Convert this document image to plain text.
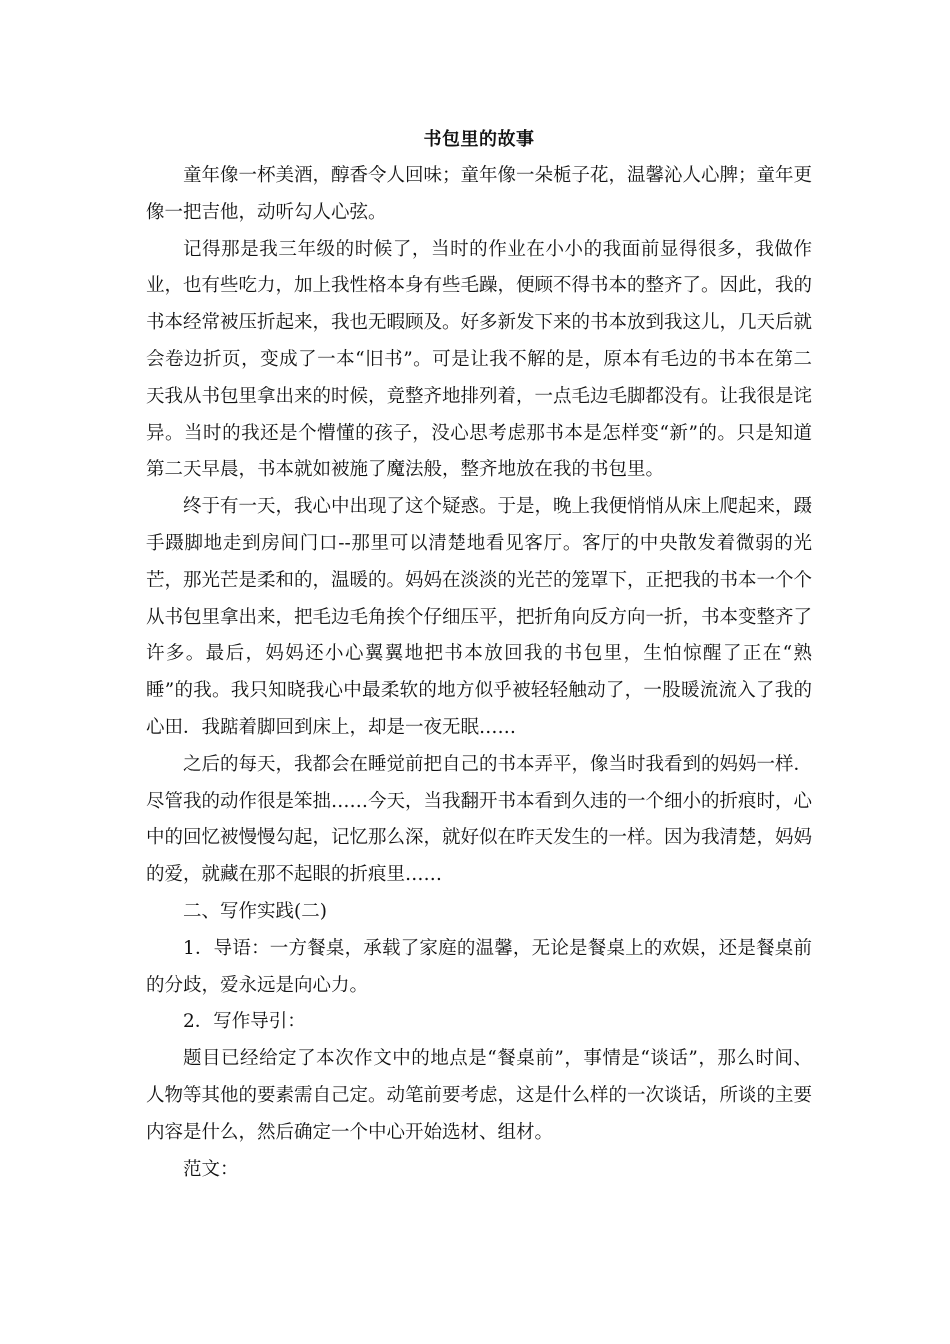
书包里的故事

童年像一杯美酒，醇香令人回味；童年像一朵栀子花，温馨沁人心脾；童年更像一把吉他，动听勾人心弦。

记得那是我三年级的时候了，当时的作业在小小的我面前显得很多，我做作业，也有些吃力，加上我性格本身有些毛躁，便顾不得书本的整齐了。因此，我的书本经常被压折起来，我也无暇顾及。好多新发下来的书本放到我这儿，几天后就会卷边折页，变成了一本“旧书”。可是让我不解的是，原本有毛边的书本在第二天我从书包里拿出来的时候，竟整齐地排列着，一点毛边毛脚都没有。让我很是诧异。当时的我还是个懵懂的孩子，没心思考虑那书本是怎样变“新”的。只是知道第二天早晨，书本就如被施了魔法般，整齐地放在我的书包里。

终于有一天，我心中出现了这个疑惑。于是，晚上我便悄悄从床上爬起来，蹑手蹑脚地走到房间门口--那里可以清楚地看见客厅。客厅的中央散发着微弱的光芒，那光芒是柔和的，温暖的。妈妈在淡淡的光芒的笼罩下，正把我的书本一个个从书包里拿出来，把毛边毛角挨个仔细压平，把折角向反方向一折，书本变整齐了许多。最后，妈妈还小心翼翼地把书本放回我的书包里，生怕惊醒了正在“熟睡”的我。我只知晓我心中最柔软的地方似乎被轻轻触动了，一股暖流流入了我的心田．我踮着脚回到床上，却是一夜无眠……

之后的每天，我都会在睡觉前把自己的书本弄平，像当时我看到的妈妈一样．尽管我的动作很是笨拙……今天，当我翻开书本看到久违的一个细小的折痕时，心中的回忆被慢慢勾起，记忆那么深，就好似在昨天发生的一样。因为我清楚，妈妈的爱，就藏在那不起眼的折痕里……

二、写作实践(二)

1．导语：一方餐桌，承载了家庭的温馨，无论是餐桌上的欢娱，还是餐桌前的分歧，爱永远是向心力。

2．写作导引：

题目已经给定了本次作文中的地点是“餐桌前”，事情是“谈话”，那么时间、人物等其他的要素需自己定。动笔前要考虑，这是什么样的一次谈话，所谈的主要内容是什么，然后确定一个中心开始选材、组材。

范文：
